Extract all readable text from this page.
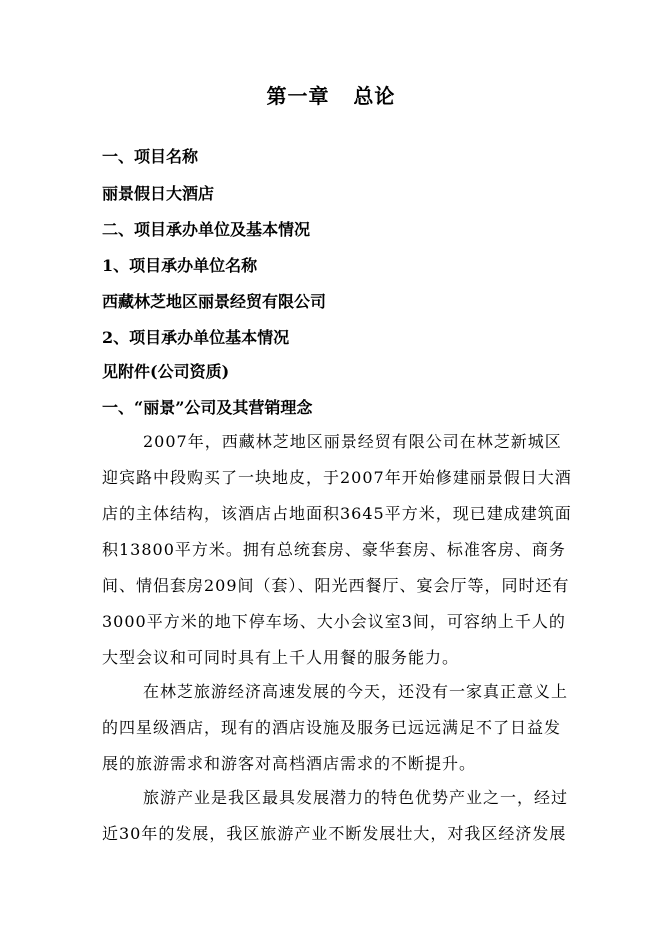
第一章   总论
一、项目名称
丽景假日大酒店
二、项目承办单位及基本情况
1、项目承办单位名称
西藏林芝地区丽景经贸有限公司
2、项目承办单位基本情况
见附件(公司资质)
一、“丽景”公司及其营销理念
2007年，西藏林芝地区丽景经贸有限公司在林芝新城区
迎宾路中段购买了一块地皮，于2007年开始修建丽景假日大酒
店的主体结构，该酒店占地面积3645平方米，现已建成建筑面
积13800平方米。拥有总统套房、豪华套房、标准客房、商务
间、情侣套房209间（套）、阳光西餐厅、宴会厅等，同时还有
3000平方米的地下停车场、大小会议室3间，可容纳上千人的
大型会议和可同时具有上千人用餐的服务能力。
在林芝旅游经济高速发展的今天，还没有一家真正意义上
的四星级酒店，现有的酒店设施及服务已远远满足不了日益发
展的旅游需求和游客对高档酒店需求的不断提升。
旅游产业是我区最具发展潜力的特色优势产业之一，经过
近30年的发展，我区旅游产业不断发展壮大，对我区经济发展
